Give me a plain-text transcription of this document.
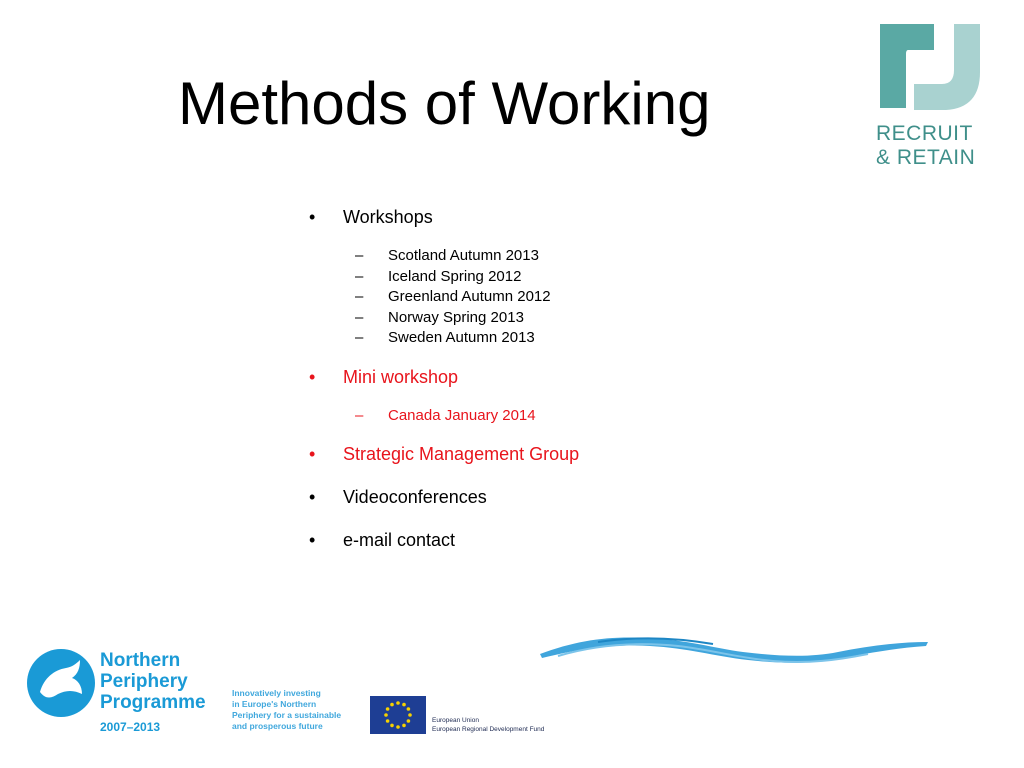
Methods of Working	RECRUIT
& RETAIN
• Workshops
– Scotland Autumn 2013
– Iceland Spring 2012
– Greenland Autumn 2012
– Norway Spring 2013
– Sweden Autumn 2013
• Mini workshop
– Canada January 2014
• Strategic Management Group
• Videoconferences
• e-mail contact
Northern
Periphery
Programme
2007–2013
Innovatively investing
in Europe's Northern
Periphery for a sustainable
and prosperous future
European Union
European Regional Development Fund
